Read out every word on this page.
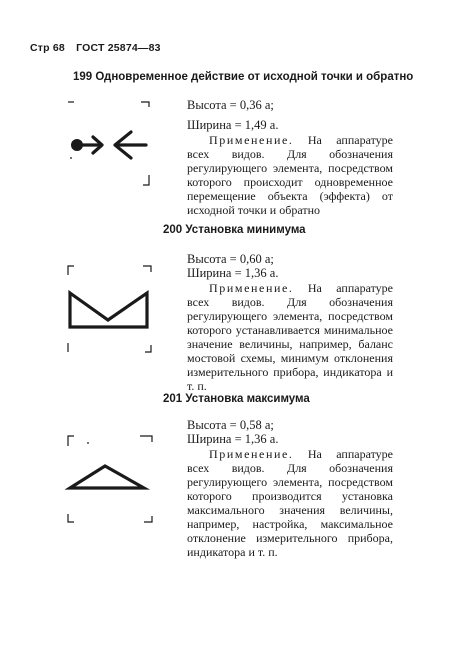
Стр 68 ГОСТ 25874—83
199 Одновременное действие от исходной точки и обратно
Высота = 0,36 a;
Ширина = 1,49 a.
Применение. На аппаратуре всех видов. Для обозначения регулирующего элемента, посредством которого происходит одновременное перемещение объекта (эффекта) от исходной точки и обратно
200 Установка минимума
Высота = 0,60 a;
Ширина = 1,36 a.
Применение. На аппаратуре всех видов. Для обозначения регулирующего элемента, посредством которого устанавливается минимальное значение величины, например, баланс мостовой схемы, минимум отклонения измерительного прибора, индикатора и т. п.
201 Установка максимума
Высота = 0,58 a;
Ширина = 1,36 a.
Применение. На аппаратуре всех видов. Для обозначения регулирующего элемента, посредством которого производится установка максимального значения величины, например, настройка, максимальное отклонение измерительного прибора, индикатора и т. п.
